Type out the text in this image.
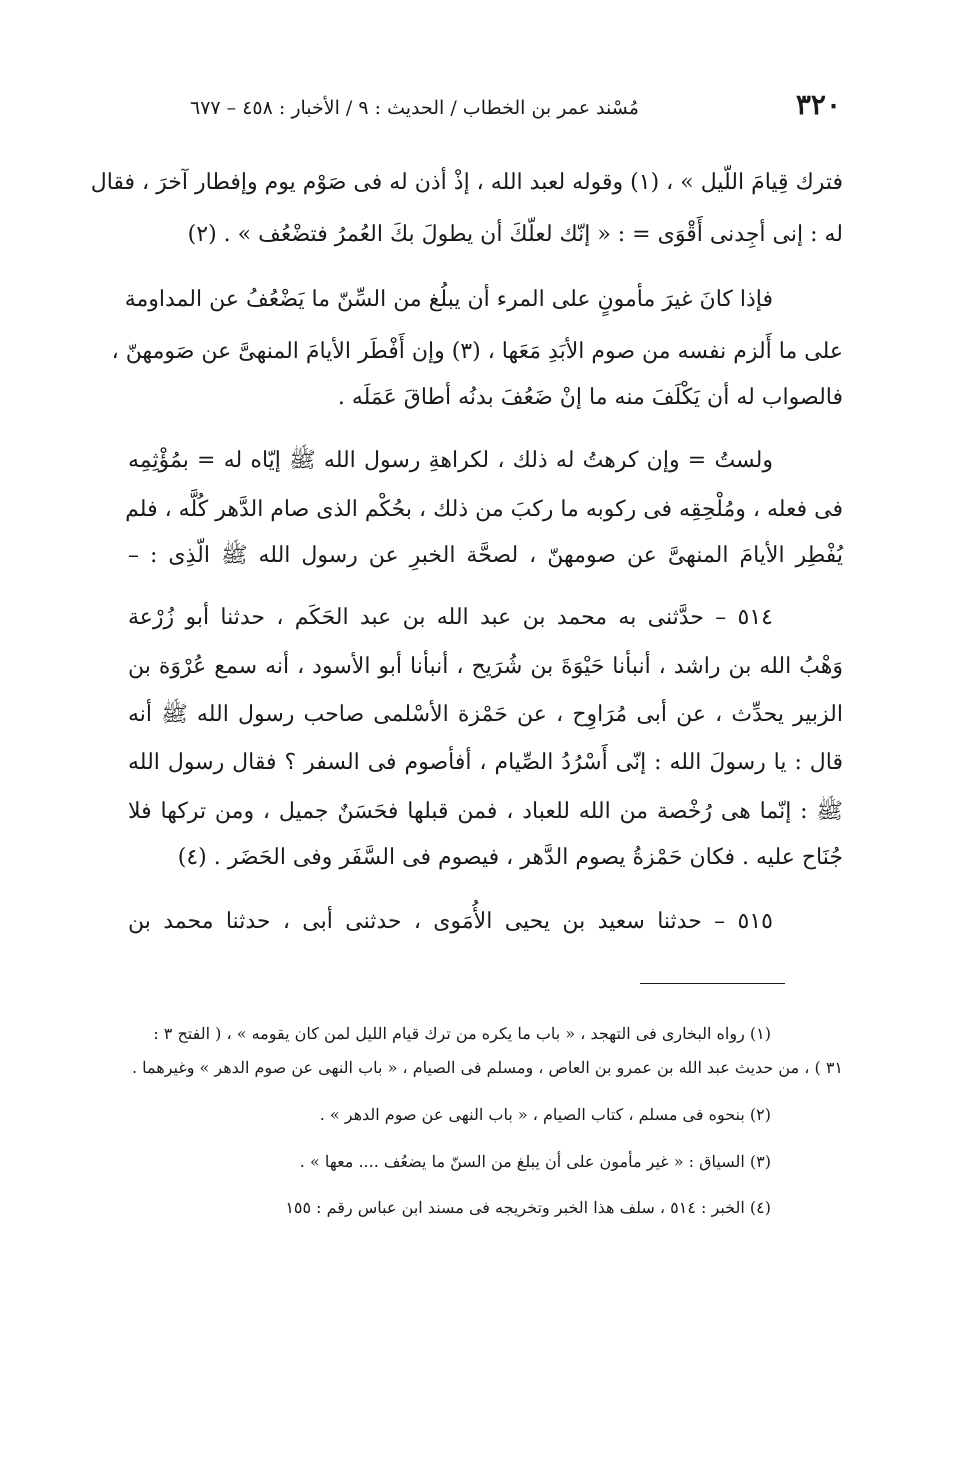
٣٢٠
مُسْند عمر بن الخطاب / الحديث : ٩ / الأخبار : ٤٥٨ – ٦٧٧
فترك قِيامَ اللّيل » ، (١) وقوله لعبد الله ، إذْ أذن له فى صَوْم يوم وإفطار آخرَ ، فقال
له : إنى أجِدنى أَقْوَى = : « إنّك لعلّكَ أن يطولَ بكَ العُمرُ فتضْعُف » . (٢)
فإذا كانَ غيرَ مأمونٍ على المرء أن يبلُغ من السِّنّ ما يَضْعُفُ عن المداومة
على ما أَلزم نفسه من صوم الأبَدِ مَعَها ، (٣) وإن أَفْطَر الأيامَ المنهىَّ عن صَومهنّ ،
فالصواب له أن يَكْلَفَ منه ما إنْ ضَعُفَ بدنُه أطاقَ عَمَلَه .
ولستُ = وإن كرهتُ له ذلك ، لكراهةِ رسول الله ﷺ إيّاه له = بمُؤْثِمِه
فى فعله ، ومُلْحِقِه فى ركوبه ما ركبَ من ذلك ، بحُكْم الذى صام الدَّهر كُلَّه ، فلم
يُفْطِر الأيامَ المنهىَّ عن صومهنّ ، لصحَّة الخبرِ عن رسول الله ﷺ الّذِى : –
٥١٤ – حدَّثنى به محمد بن عبد الله بن عبد الحَكَم ، حدثنا أبو زُرْعة
وَهْبُ الله بن راشد ، أنبأنا حَيْوَةَ بن شُرَيح ، أنبأنا أبو الأسود ، أنه سمع عُرْوَة بن
الزبير يحدِّث ، عن أبى مُرَاوِح ، عن حَمْزة الأسْلمى صاحب رسول الله ﷺ أنه
قال : يا رسولَ الله : إنّى أَسْرُدُ الصِّيام ، أفأصوم فى السفر ؟ فقال رسول الله
ﷺ : إنّما هى رُخْصة من الله للعباد ، فمن قبلها فحَسَنٌ جميل ، ومن تركها فلا
جُنَاح عليه . فكان حَمْزةُ يصوم الدَّهر ، فيصوم فى السَّفَر وفى الحَضَر . (٤)
٥١٥ – حدثنا سعيد بن يحيى الأُمَوى ، حدثنى أبى ، حدثنا محمد بن
(١) رواه البخارى فى التهجد ، « باب ما يكره من ترك قيام الليل لمن كان يقومه » ، ( الفتح ٣ :
٣١ ) ، من حديث عبد الله بن عمرو بن العاص ، ومسلم فى الصيام ، « باب النهى عن صوم الدهر » وغيرهما .
(٢) بنحوه فى مسلم ، كتاب الصيام ، « باب النهى عن صوم الدهر » .
(٣) السياق : « غير مأمون على أن يبلغ من السنّ ما يضعُف .... معها » .
(٤) الخبر : ٥١٤ ، سلف هذا الخبر وتخريجه فى مسند ابن عباس رقم : ١٥٥
